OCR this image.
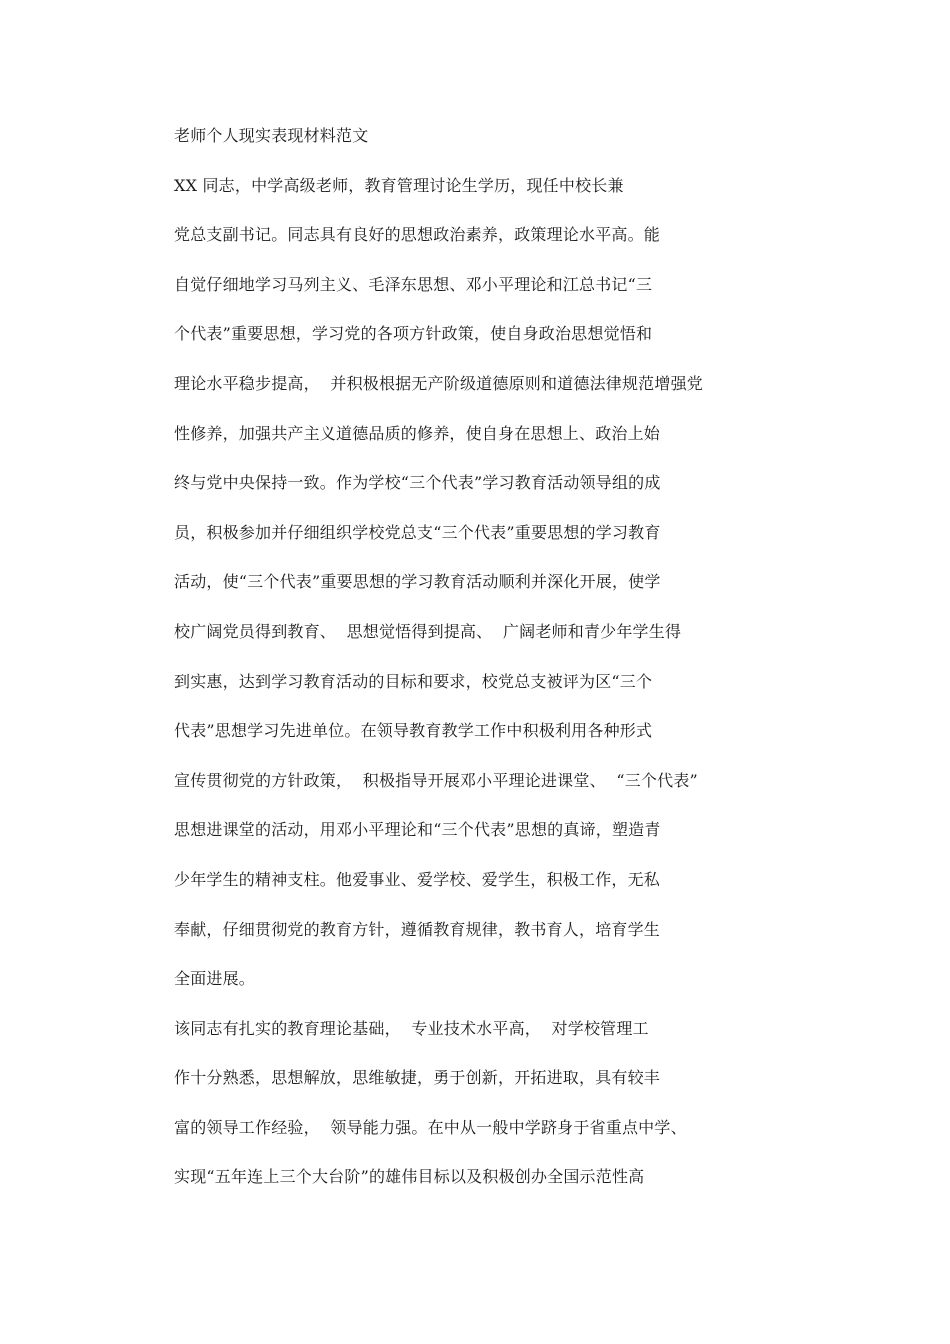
老师个人现实表现材料范文
XX 同志，中学高级老师，教育管理讨论生学历，现任中校长兼
党总支副书记。同志具有良好的思想政治素养，政策理论水平高。能
自觉仔细地学习马列主义、毛泽东思想、邓小平理论和江总书记“三
个代表”重要思想，学习党的各项方针政策，使自身政治思想觉悟和
理论水平稳步提高，  并积极根据无产阶级道德原则和道德法律规范增强党
性修养，加强共产主义道德品质的修养，使自身在思想上、政治上始
终与党中央保持一致。作为学校“三个代表”学习教育活动领导组的成
员，积极参加并仔细组织学校党总支“三个代表”重要思想的学习教育
活动，使“三个代表”重要思想的学习教育活动顺利并深化开展，使学
校广阔党员得到教育、  思想觉悟得到提高、  广阔老师和青少年学生得
到实惠，达到学习教育活动的目标和要求，校党总支被评为区“三个
代表”思想学习先进单位。在领导教育教学工作中积极利用各种形式
宣传贯彻党的方针政策，  积极指导开展邓小平理论进课堂、  “三个代表”
思想进课堂的活动，用邓小平理论和“三个代表”思想的真谛，塑造青
少年学生的精神支柱。他爱事业、爱学校、爱学生，积极工作，无私
奉献，仔细贯彻党的教育方针，遵循教育规律，教书育人，培育学生
全面进展。
该同志有扎实的教育理论基础，  专业技术水平高，  对学校管理工
作十分熟悉，思想解放，思维敏捷，勇于创新，开拓进取，具有较丰
富的领导工作经验，  领导能力强。在中从一般中学跻身于省重点中学、
实现“五年连上三个大台阶”的雄伟目标以及积极创办全国示范性高
